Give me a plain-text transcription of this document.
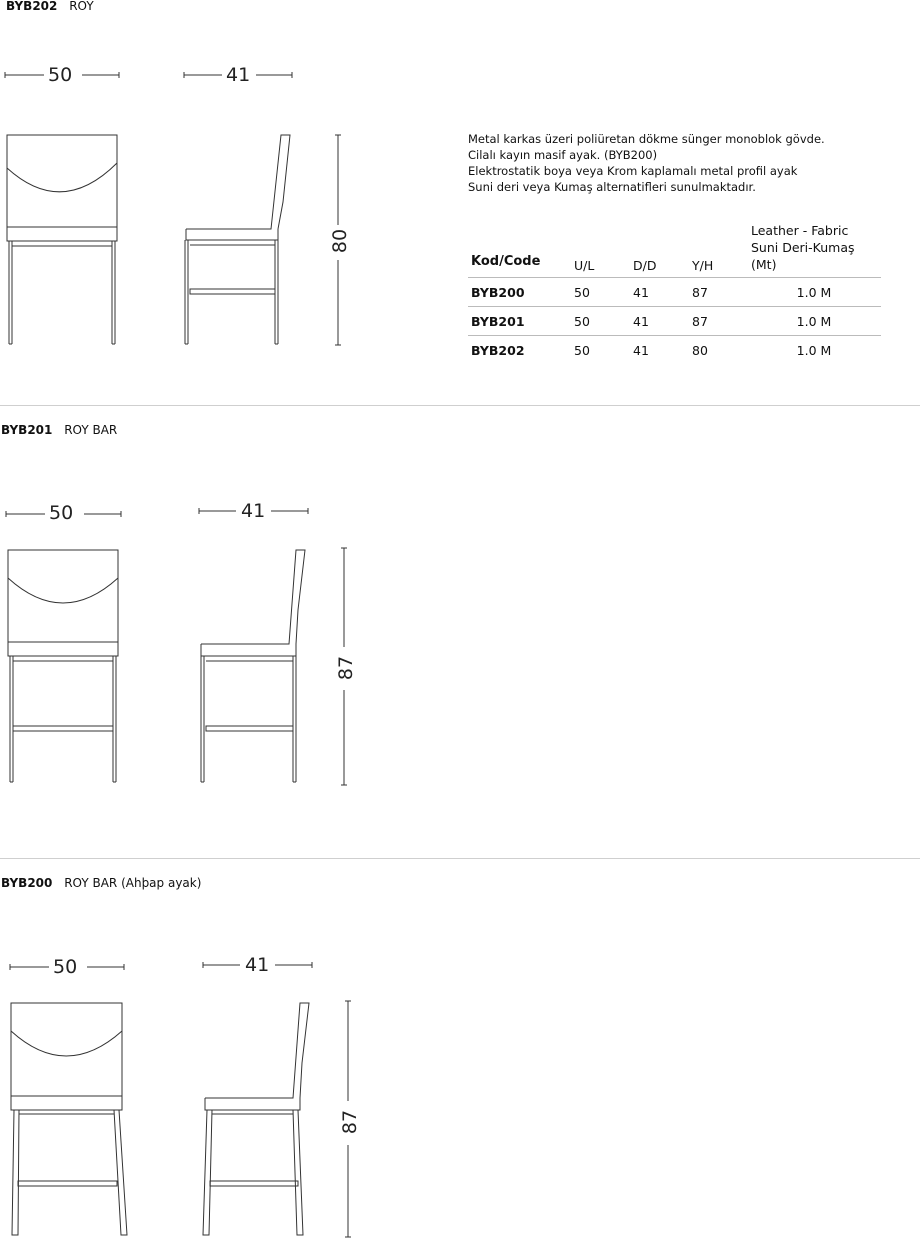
BYB202 ROY
50	41
80
Metal karkas üzeri poliüretan dökme sünger monoblok gövde.
Cilalı kayın masif ayak. (BYB200)
Elektrostatik boya veya Krom kaplamalı metal profil ayak
Suni deri veya Kumaş alternatifleri sunulmaktadır.
Kod/Code	U/L	D/D	Y/H	Leather - Fabric
Suni Deri-Kumaş (Mt)

BYB200	50	41	87	1.0 M
BYB201	50	41	87	1.0 M
BYB202	50	41	80	1.0 M
BYB201 ROY BAR
50	41
87
BYB200 ROY BAR (Ahþap ayak)
50	41
87
